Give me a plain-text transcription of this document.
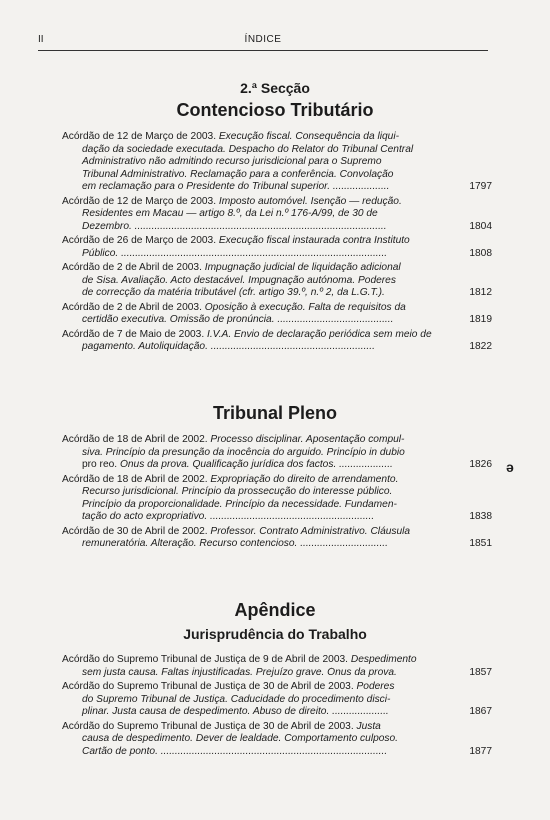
II	ÍNDICE
2.ª Secção
Contencioso Tributário
Acórdão de 12 de Março de 2003. Execução fiscal. Consequência da liqui-
dação da sociedade executada. Despacho do Relator do Tribunal Central
Administrativo não admitindo recurso jurisdicional para o Supremo
Tribunal Administrativo. Reclamação para a conferência. Convolação
em reclamação para o Presidente do Tribunal superior. ....................	1797
Acórdão de 12 de Março de 2003. Imposto automóvel. Isenção — redução.
Residentes em Macau — artigo 8.º, da Lei n.º 176-A/99, de 30 de
Dezembro. .........................................................................................	1804
Acórdão de 26 de Março de 2003. Execução fiscal instaurada contra Instituto
Público. ..............................................................................................	1808
Acórdão de 2 de Abril de 2003. Impugnação judicial de liquidação adicional
de Sisa. Avaliação. Acto destacável. Impugnação autónoma. Poderes
de correcção da matéria tributável (cfr. artigo 39.º, n.º 2, da L.G.T.).	1812
Acórdão de 2 de Abril de 2003. Oposição à execução. Falta de requisitos da
certidão executiva. Omissão de pronúncia. .........................................	1819
Acórdão de 7 de Maio de 2003. I.V.A. Envio de declaração periódica sem meio de
pagamento. Autoliquidação. ..........................................................	1822
Tribunal Pleno
Acórdão de 18 de Abril de 2002. Processo disciplinar. Aposentação compul-
siva. Princípio da presunção da inocência do arguido. Princípio in dubio
pro reo. Ónus da prova. Qualificação jurídica dos factos. ...................	1826
Acórdão de 18 de Abril de 2002. Expropriação do direito de arrendamento.
Recurso jurisdicional. Princípio da prossecução do interesse público.
Princípio da proporcionalidade. Princípio da necessidade. Fundamen-
tação do acto expropriativo. ..........................................................	1838
Acórdão de 30 de Abril de 2002. Professor. Contrato Administrativo. Cláusula
remuneratória. Alteração. Recurso contencioso. ...............................	1851
Apêndice
Jurisprudência do Trabalho
Acórdão do Supremo Tribunal de Justiça de 9 de Abril de 2003. Despedimento
sem justa causa. Faltas injustificadas. Prejuízo grave. Ónus da prova.	1857
Acórdão do Supremo Tribunal de Justiça de 30 de Abril de 2003. Poderes
do Supremo Tribunal de Justiça. Caducidade do procedimento disci-
plinar. Justa causa de despedimento. Abuso de direito. ....................	1867
Acórdão do Supremo Tribunal de Justiça de 30 de Abril de 2003. Justa
causa de despedimento. Dever de lealdade. Comportamento culposo.
Cartão de ponto. ................................................................................	1877
ə
